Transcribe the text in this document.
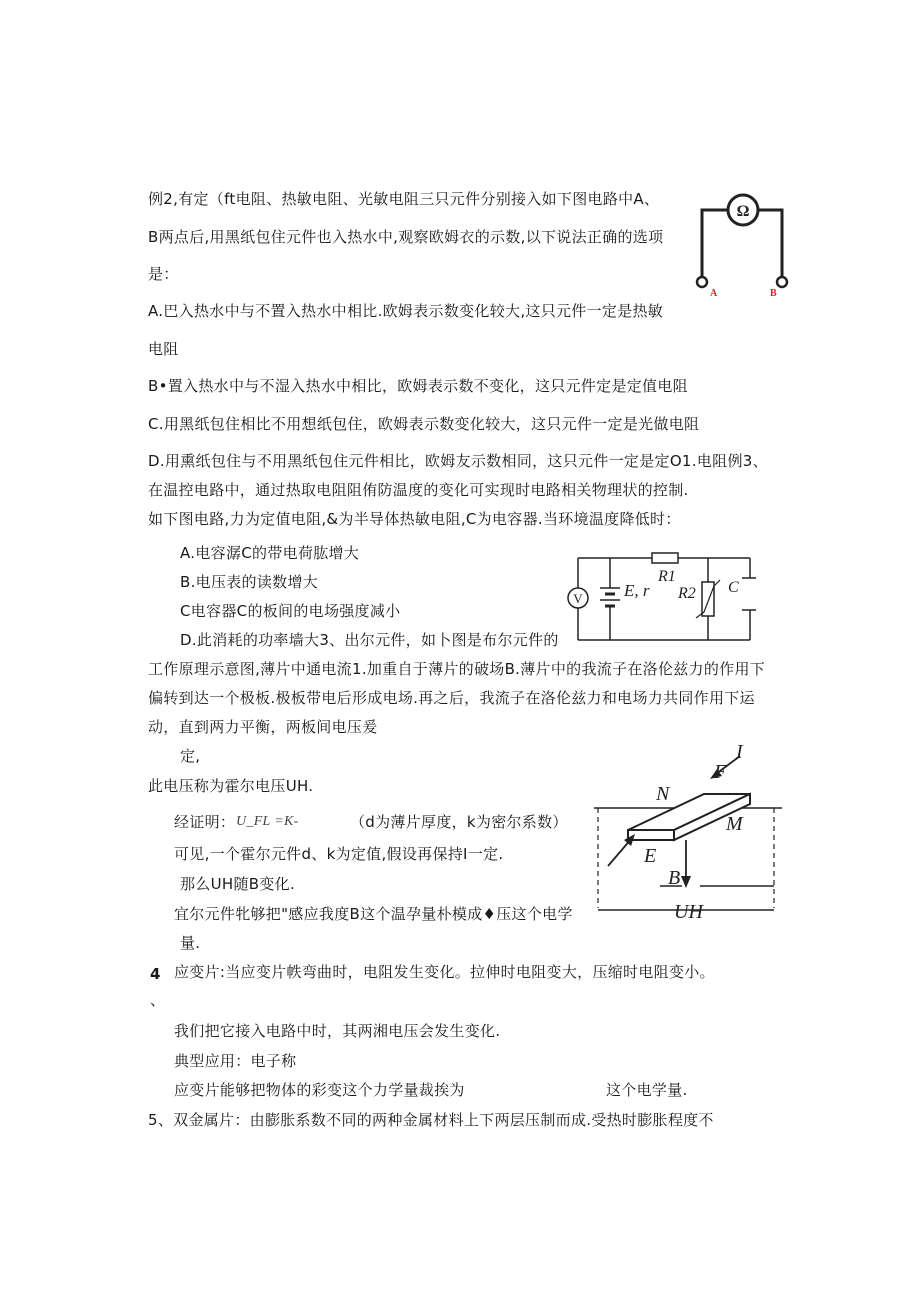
例2,有定（ft电阻、热敏电阻、光敏电阻三只元件分别接入如下图电路中A、
B两点后,用黑纸包住元件也入热水中,观察欧姆衣的示数,以下说法正确的选项
是：
A.巴入热水中与不置入热水中相比.欧姆表示数变化较大,这只元件一定是热敏
电阻
B•置入热水中与不湿入热水中相比，欧姆表示数不变化，这只元件定是定值电阻
C.用黑纸包住相比不用想纸包住，欧姆表示数变化较大，这只元件一定是光做电阻
D.用熏纸包住与不用黑纸包住元件相比，欧姆友示数相同，这只元件一定是定O1.电阻例3、
在温控电路中，通过热取电阻阻侑防温度的变化可实现时电路相关物理状的控制.
如下图电路,力为定值电阻,&为半导体热敏电阻,C为电容器.当环境温度降低时：
A.电容潺C的带电荷肱增大
B.电压表的读数增大
C电容器C的板间的电场强度减小
D.此消耗的功率墙大3、出尔元件，如卜图是布尔元件的
工作原理示意图,薄片中通电流1.加重自于薄片的破场B.薄片中的我流子在洛伦兹力的作用下
偏转到达一个极板.极板带电后形成电场.再之后，我流子在洛伦兹力和电场力共同作用下运
动，直到两力平衡，两板间电压爰
定,
此电压称为霍尔电压UH.
经证明： U_FL =K-	（d为薄片厚度，k为密尔系数）
可见,一个霍尔元件d、k为定值,假设再保持I一定.
那么UH随B变化.
宜尔元件牝够把"感应我度B这个温孕量朴模成♦压这个电学
量.
4 应变片:当应变片帙弯曲时，电阻发生变化。拉伸时电阻变大，压缩时电阻变小。
、
我们把它接入电路中时，其两湘电压会发生变化.
典型应用：电子称
应变片能够把物体的彩变这个力学量裁挨为	这个电学量.
5、双金属片：由膨胀系数不同的两种金属材料上下两层压制而成.受热时膨胀程度不
Ω
A	B
V E, r
R1
R2 C
N
F
I
M
E
B
UH
